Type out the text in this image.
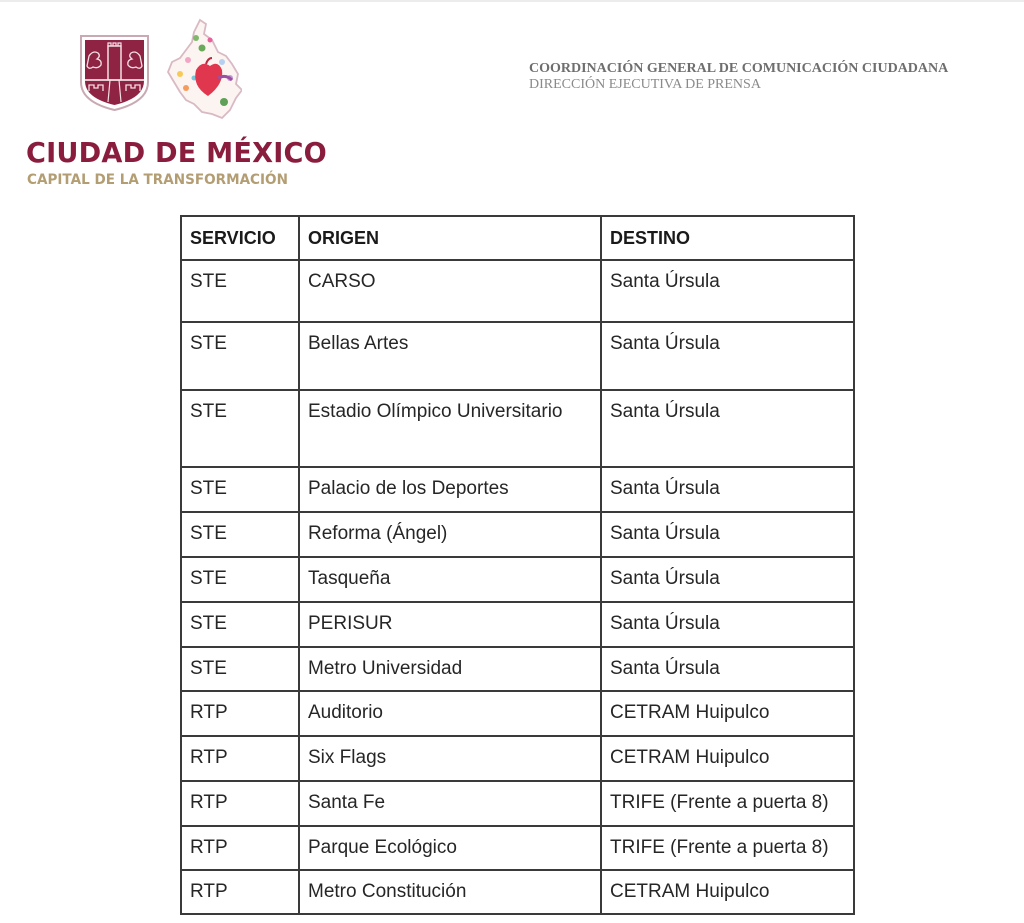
CIUDAD DE MÉXICO
CAPITAL DE LA TRANSFORMACIÓN
COORDINACIÓN GENERAL DE COMUNICACIÓN CIUDADANA
DIRECCIÓN EJECUTIVA DE PRENSA
SERVICIO	ORIGEN	DESTINO

STE	CARSO	Santa Úrsula

STE	Bellas Artes	Santa Úrsula

STE	Estadio Olímpico Universitario	Santa Úrsula

STE	Palacio de los Deportes	Santa Úrsula

STE	Reforma (Ángel)	Santa Úrsula

STE	Tasqueña	Santa Úrsula

STE	PERISUR	Santa Úrsula

STE	Metro Universidad	Santa Úrsula

RTP	Auditorio	CETRAM Huipulco

RTP	Six Flags	CETRAM Huipulco

RTP	Santa Fe	TRIFE (Frente a puerta 8)

RTP	Parque Ecológico	TRIFE (Frente a puerta 8)

RTP	Metro Constitución	CETRAM Huipulco
